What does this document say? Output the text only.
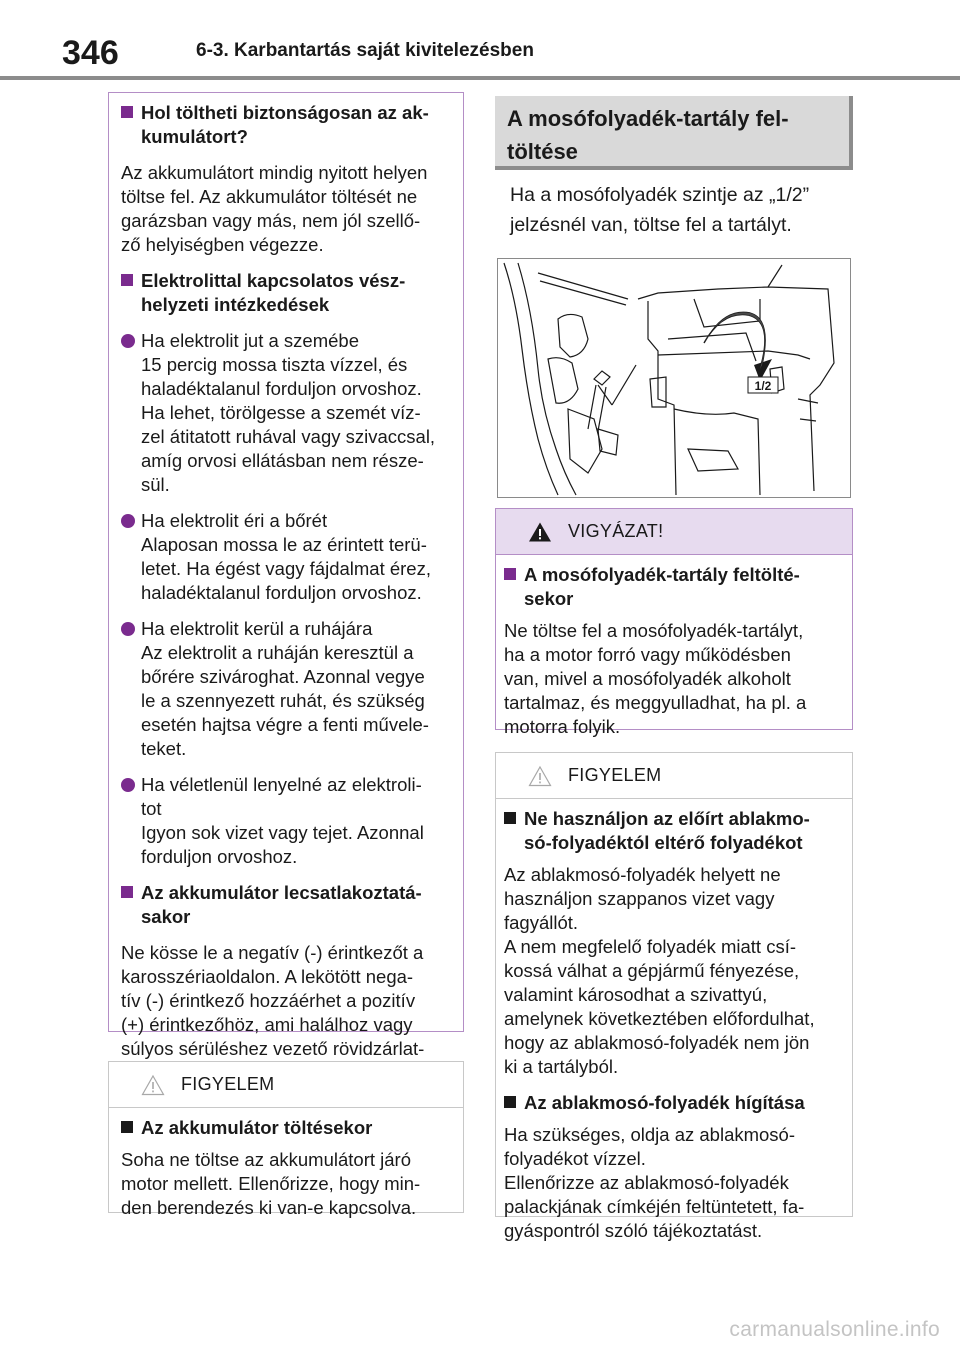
346	6-3. Karbantartás saját kivitelezésben
Hol töltheti biztonságosan az ak-
kumulátort?
Az akkumulátort mindig nyitott helyen
töltse fel. Az akkumulátor töltését ne
garázsban vagy más, nem jól szellő-
ző helyiségben végezze.
Elektrolittal kapcsolatos vész-
helyzeti intézkedések
Ha elektrolit jut a szemébe
15 percig mossa tiszta vízzel, és
haladéktalanul forduljon orvoshoz.
Ha lehet, törölgesse a szemét víz-
zel átitatott ruhával vagy szivaccsal,
amíg orvosi ellátásban nem része-
sül.
Ha elektrolit éri a bőrét
Alaposan mossa le az érintett terü-
letet. Ha égést vagy fájdalmat érez,
haladéktalanul forduljon orvoshoz.
Ha elektrolit kerül a ruhájára
Az elektrolit a ruháján keresztül a
bőrére szivároghat. Azonnal vegye
le a szennyezett ruhát, és szükség
esetén hajtsa végre a fenti művele-
teket.
Ha véletlenül lenyelné az elektroli-
tot
Igyon sok vizet vagy tejet. Azonnal
forduljon orvoshoz.
Az akkumulátor lecsatlakoztatá-
sakor
Ne kösse le a negatív (-) érintkezőt a
karosszériaoldalon. A lekötött nega-
tív (-) érintkező hozzáérhet a pozitív
(+) érintkezőhöz, ami halálhoz vagy
súlyos sérüléshez vezető rövidzárlat-

FIGYELEM
Az akkumulátor töltésekor
Soha ne töltse az akkumulátort járó
motor mellett. Ellenőrizze, hogy min-
den berendezés ki van-e kapcsolva.
A mosófolyadék-tartály fel-
töltése
Ha a mosófolyadék szintje az „1/2”
jelzésnél van, töltse fel a tartályt.
1/2
VIGYÁZAT!
A mosófolyadék-tartály feltölté-
sekor
Ne töltse fel a mosófolyadék-tartályt,
ha a motor forró vagy működésben
van, mivel a mosófolyadék alkoholt
tartalmaz, és meggyulladhat, ha pl. a
motorra folyik.
FIGYELEM
Ne használjon az előírt ablakmo-
só-folyadéktól eltérő folyadékot
Az ablakmosó-folyadék helyett ne
használjon szappanos vizet vagy
fagyállót.
A nem megfelelő folyadék miatt csí-
kossá válhat a gépjármű fényezése,
valamint károsodhat a szivattyú,
amelynek következtében előfordulhat,
hogy az ablakmosó-folyadék nem jön
ki a tartályból.
Az ablakmosó-folyadék hígítása
Ha szükséges, oldja az ablakmosó-
folyadékot vízzel.
Ellenőrizze az ablakmosó-folyadék
palackjának címkéjén feltüntetett, fa-
gyáspontról szóló tájékoztatást.
carmanualsonline.info
